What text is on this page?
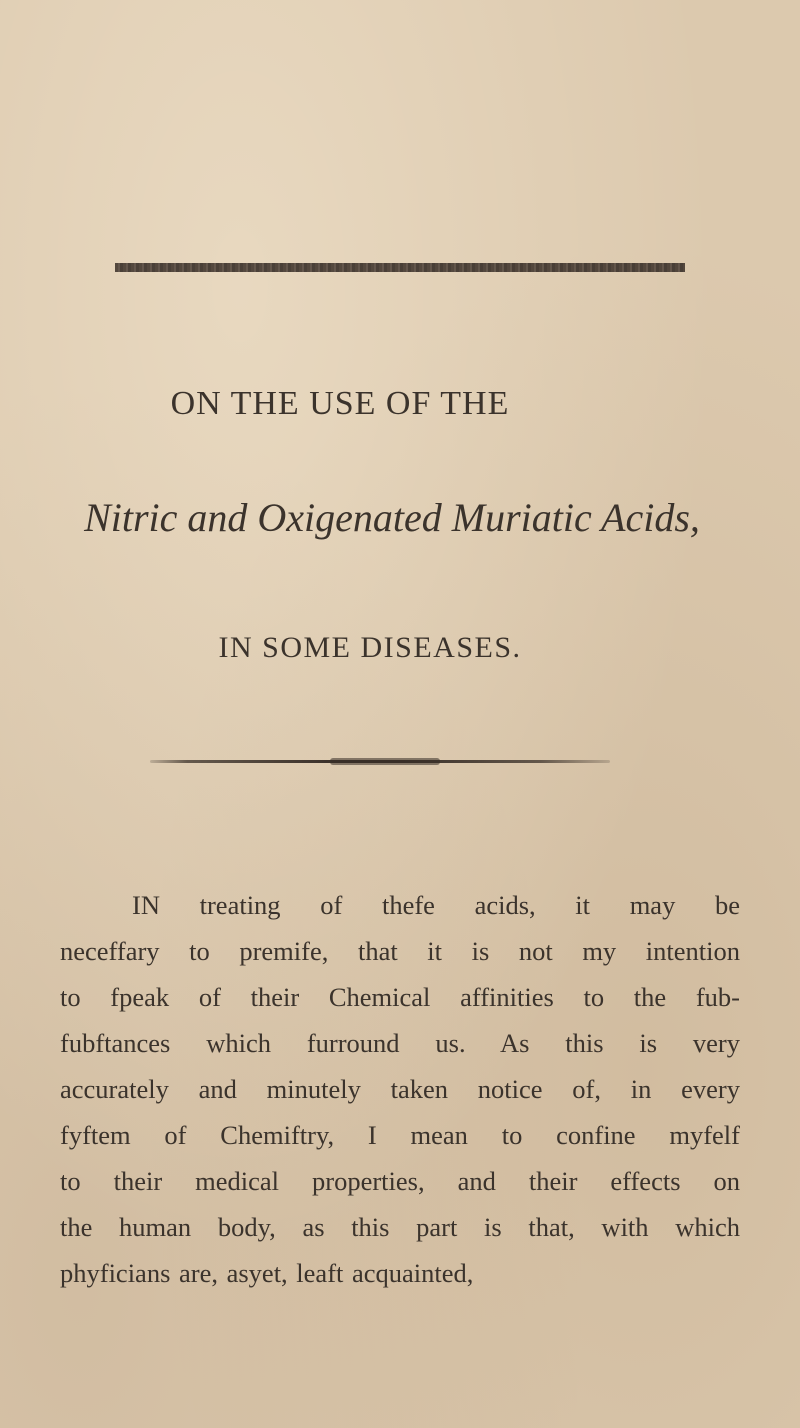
ON THE USE OF THE
Nitric and Oxigenated Muriatic Acids,
IN SOME DISEASES.
IN treating of thefe acids, it may be
neceffary to premife, that it is not my intention
to fpeak of their Chemical affinities to the fub-
fubftances which furround us. As this is very
accurately and minutely taken notice of, in every
fyftem of Chemiftry, I mean to confine myfelf
to their medical properties, and their effects on
the human body, as this part is that, with which
phyficians are, asyet, leaft acquainted,
